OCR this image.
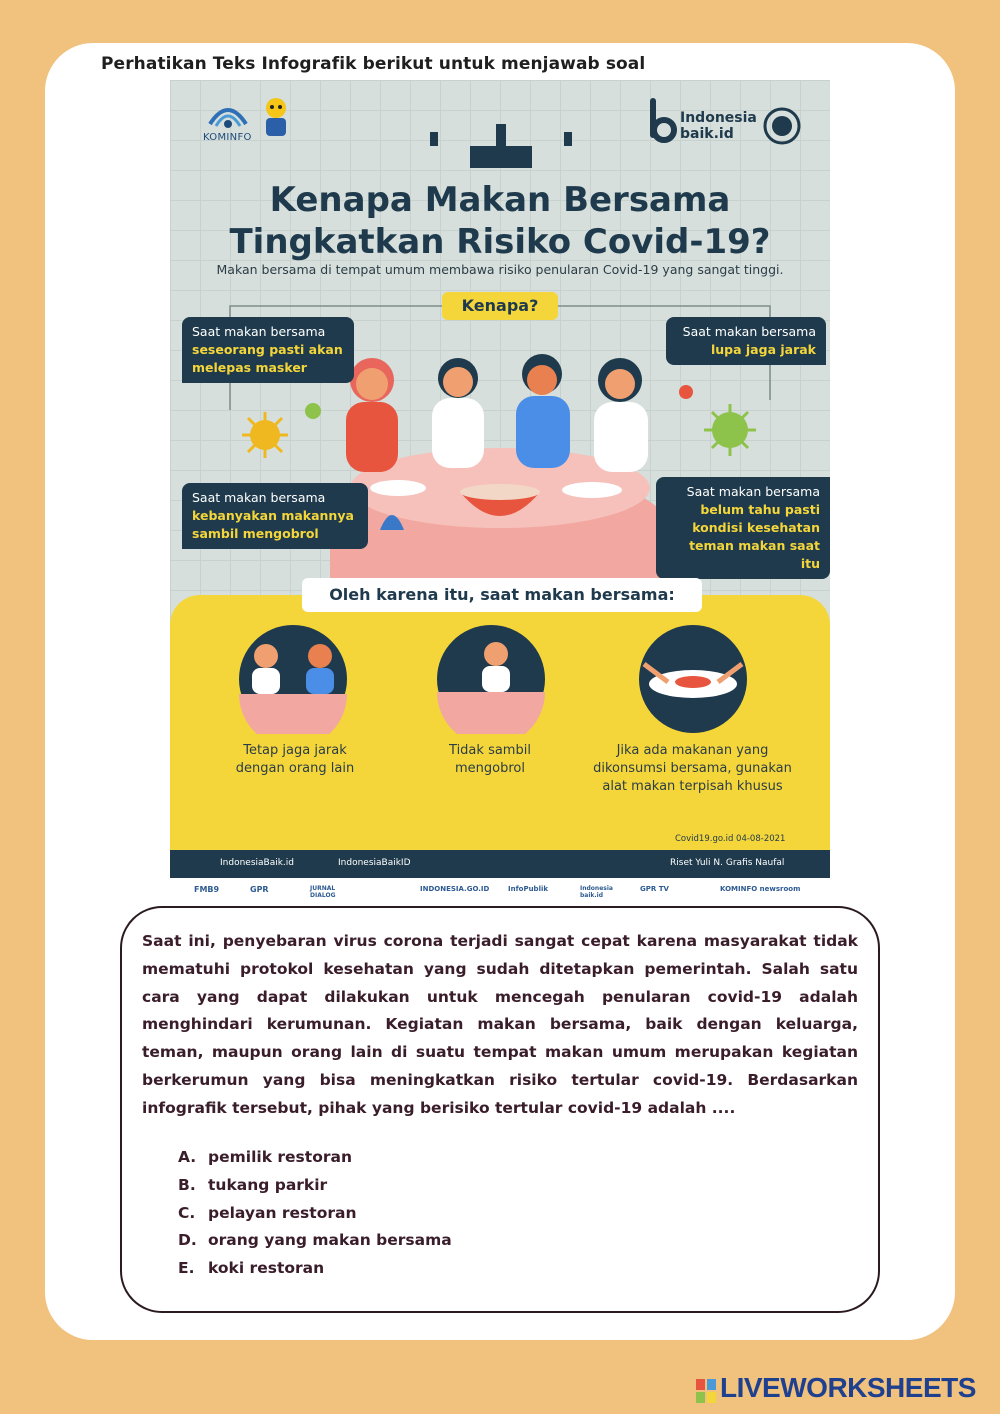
Perhatikan Teks Infografik berikut untuk menjawab soal
KOMINFO
Indonesia baik.id
Kenapa Makan Bersama
Tingkatkan Risiko Covid-19?
Makan bersama di tempat umum membawa risiko penularan Covid-19 yang sangat tinggi.
Kenapa?
Saat makan bersama
seseorang pasti akan melepas masker
Saat makan bersama
lupa jaga jarak
Saat makan bersama
kebanyakan makannya sambil mengobrol
Saat makan bersama
belum tahu pasti kondisi kesehatan teman makan saat itu
Oleh karena itu, saat makan bersama:
Tetap jaga jarak dengan orang lain
Tidak sambil mengobrol
Jika ada makanan yang dikonsumsi bersama, gunakan alat makan terpisah khusus
Covid19.go.id 04-08-2021
IndonesiaBaik.id	IndonesiaBaikID	Riset Yuli N. Grafis Naufal
FMB9	GPR	JURNAL DIALOG
INDONESIA.GO.ID	InfoPublik	Indonesia baik.id
GPR TV	KOMINFO newsroom
Saat ini, penyebaran virus corona terjadi sangat cepat karena masyarakat tidak mematuhi protokol kesehatan yang sudah ditetapkan pemerintah. Salah satu cara yang dapat dilakukan untuk mencegah penularan covid-19 adalah menghindari kerumunan. Kegiatan makan bersama, baik dengan keluarga, teman, maupun orang lain di suatu tempat makan umum merupakan kegiatan berkerumun yang bisa meningkatkan risiko tertular covid-19. Berdasarkan infografik tersebut, pihak yang berisiko tertular covid-19 adalah ....
A. pemilik restoran
B. tukang parkir
C. pelayan restoran
D. orang yang makan bersama
E. koki restoran
LIVEWORKSHEETS
